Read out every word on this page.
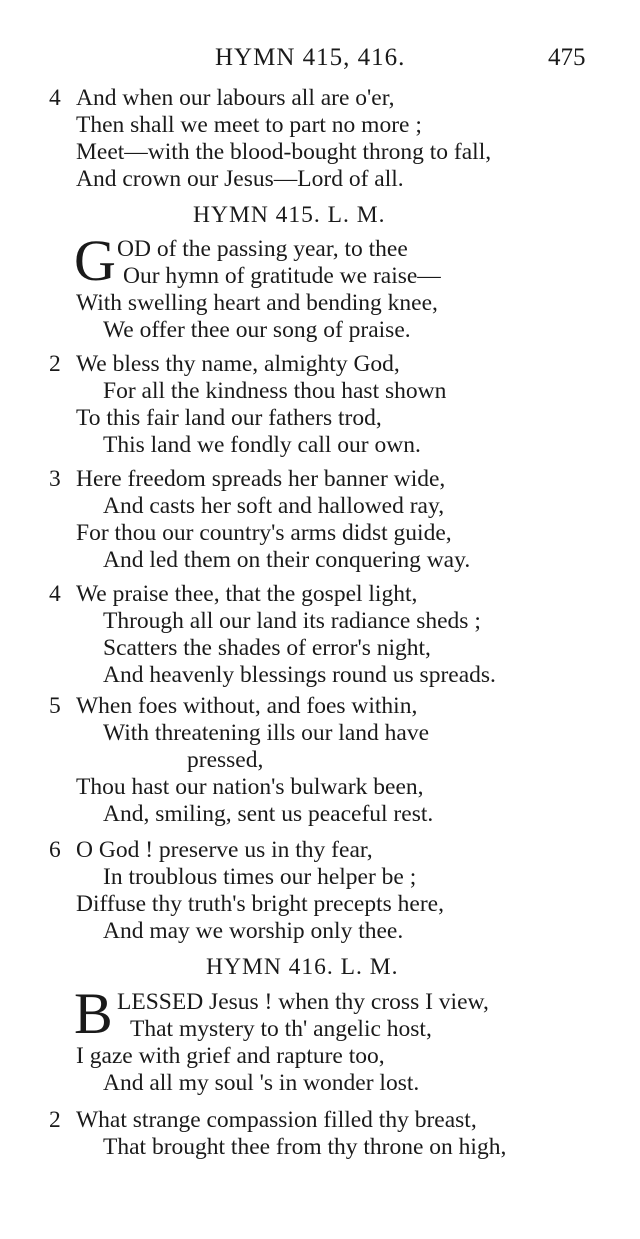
HYMN 415, 416.	475
4 And when our labours all are o'er,
Then shall we meet to part no more ;
Meet—with the blood-bought throng to fall,
And crown our Jesus—Lord of all.
HYMN 415. L. M.
G OD of the passing year, to thee
Our hymn of gratitude we raise—
With swelling heart and bending knee,
We offer thee our song of praise.
2 We bless thy name, almighty God,
For all the kindness thou hast shown
To this fair land our fathers trod,
This land we fondly call our own.
3 Here freedom spreads her banner wide,
And casts her soft and hallowed ray,
For thou our country's arms didst guide,
And led them on their conquering way.
4 We praise thee, that the gospel light,
Through all our land its radiance sheds ;
Scatters the shades of error's night,
And heavenly blessings round us spreads.
5 When foes without, and foes within,
With threatening ills our land have
pressed,
Thou hast our nation's bulwark been,
And, smiling, sent us peaceful rest.
6 O God ! preserve us in thy fear,
In troublous times our helper be ;
Diffuse thy truth's bright precepts here,
And may we worship only thee.
HYMN 416. L. M.
B LESSED Jesus ! when thy cross I view,
That mystery to th' angelic host,
I gaze with grief and rapture too,
And all my soul 's in wonder lost.
2 What strange compassion filled thy breast,
That brought thee from thy throne on high,
